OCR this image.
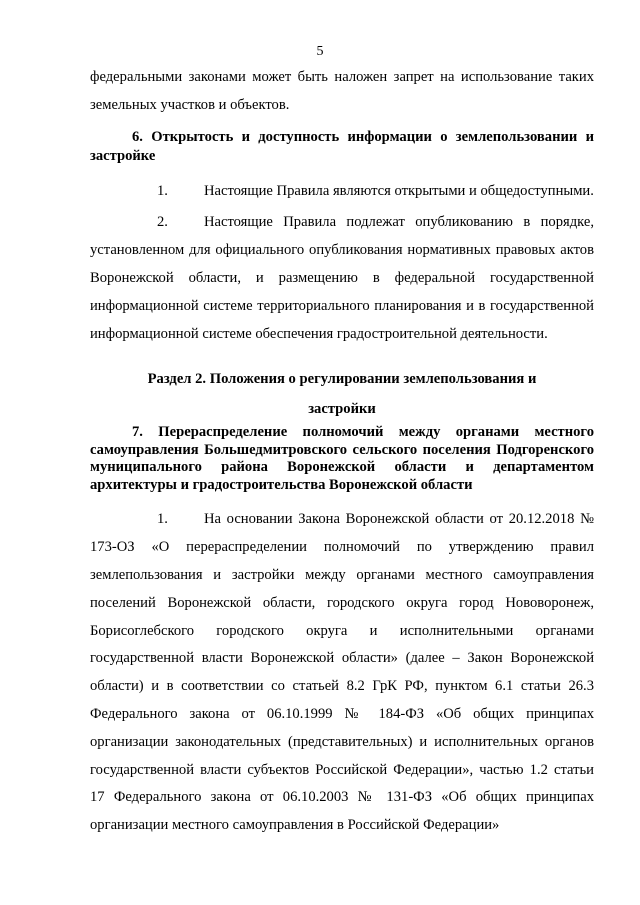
5

федеральными законами может быть наложен запрет на использование таких земельных участков и объектов.

6. Открытость и доступность информации о землепользовании и застройке

1. Настоящие Правила являются открытыми и общедоступными.
2. Настоящие Правила подлежат опубликованию в порядке, установленном для официального опубликования нормативных правовых актов Воронежской области, и размещению в федеральной государственной информационной системе территориального планирования и в государственной информационной системе обеспечения градостроительной деятельности.

Раздел 2. Положения о регулировании землепользования и

застройки

7. Перераспределение полномочий между органами местного самоуправления Большедмитровского сельского поселения Подгоренского муниципального района Воронежской области и департаментом архитектуры и градостроительства Воронежской области

1. На основании Закона Воронежской области от 20.12.2018 № 173-ОЗ «О перераспределении полномочий по утверждению правил землепользования и застройки между органами местного самоуправления поселений Воронежской области, городского округа город Нововоронеж, Борисоглебского городского округа и исполнительными органами государственной власти Воронежской области» (далее – Закон Воронежской области) и в соответствии со статьей 8.2 ГрК РФ, пунктом 6.1 статьи 26.3 Федерального закона от 06.10.1999 № 184-ФЗ «Об общих принципах организации законодательных (представительных) и исполнительных органов государственной власти субъектов Российской Федерации», частью 1.2 статьи 17 Федерального закона от 06.10.2003 № 131-ФЗ «Об общих принципах организации местного самоуправления в Российской Федерации»
